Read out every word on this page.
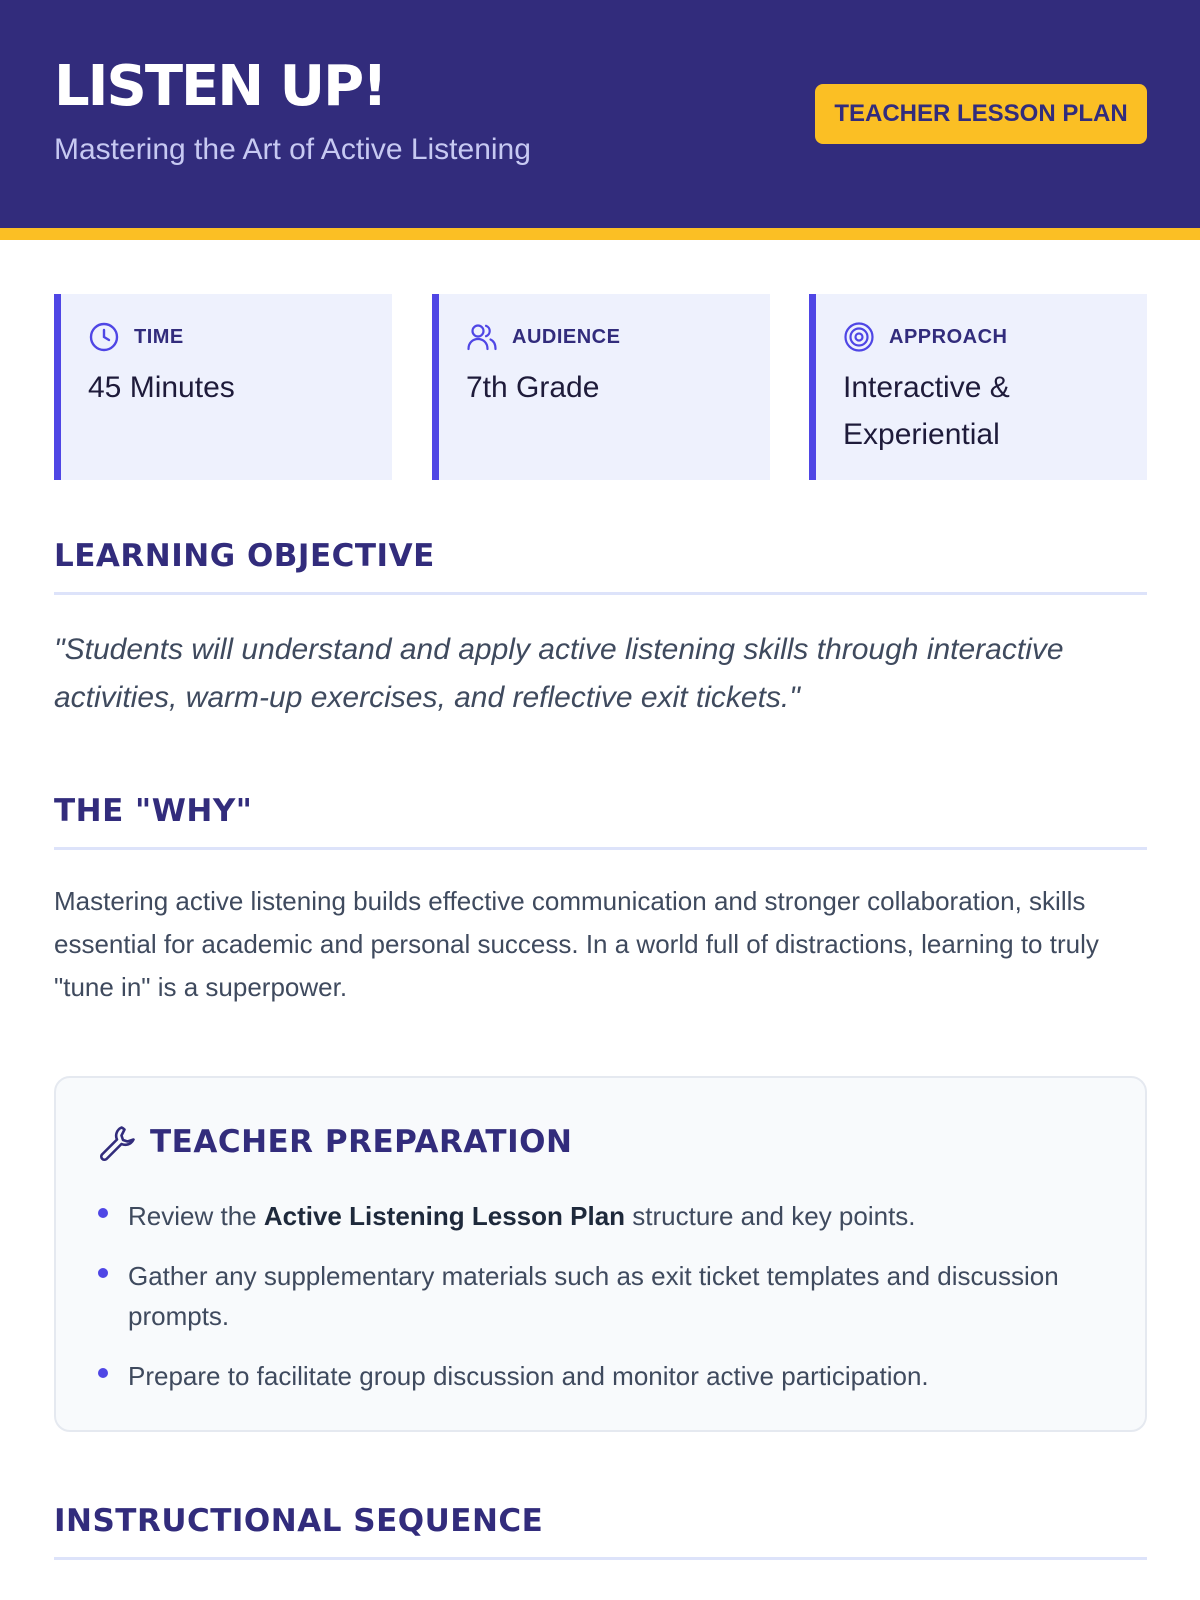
LISTEN UP!
Mastering the Art of Active Listening
TEACHER LESSON PLAN
TIME
45 Minutes
AUDIENCE
7th Grade
APPROACH
Interactive & Experiential
LEARNING OBJECTIVE
"Students will understand and apply active listening skills through interactive activities, warm-up exercises, and reflective exit tickets."
THE "WHY"
Mastering active listening builds effective communication and stronger collaboration, skills essential for academic and personal success. In a world full of distractions, learning to truly "tune in" is a superpower.
TEACHER PREPARATION
Review the Active Listening Lesson Plan structure and key points.
Gather any supplementary materials such as exit ticket templates and discussion prompts.
Prepare to facilitate group discussion and monitor active participation.
INSTRUCTIONAL SEQUENCE
